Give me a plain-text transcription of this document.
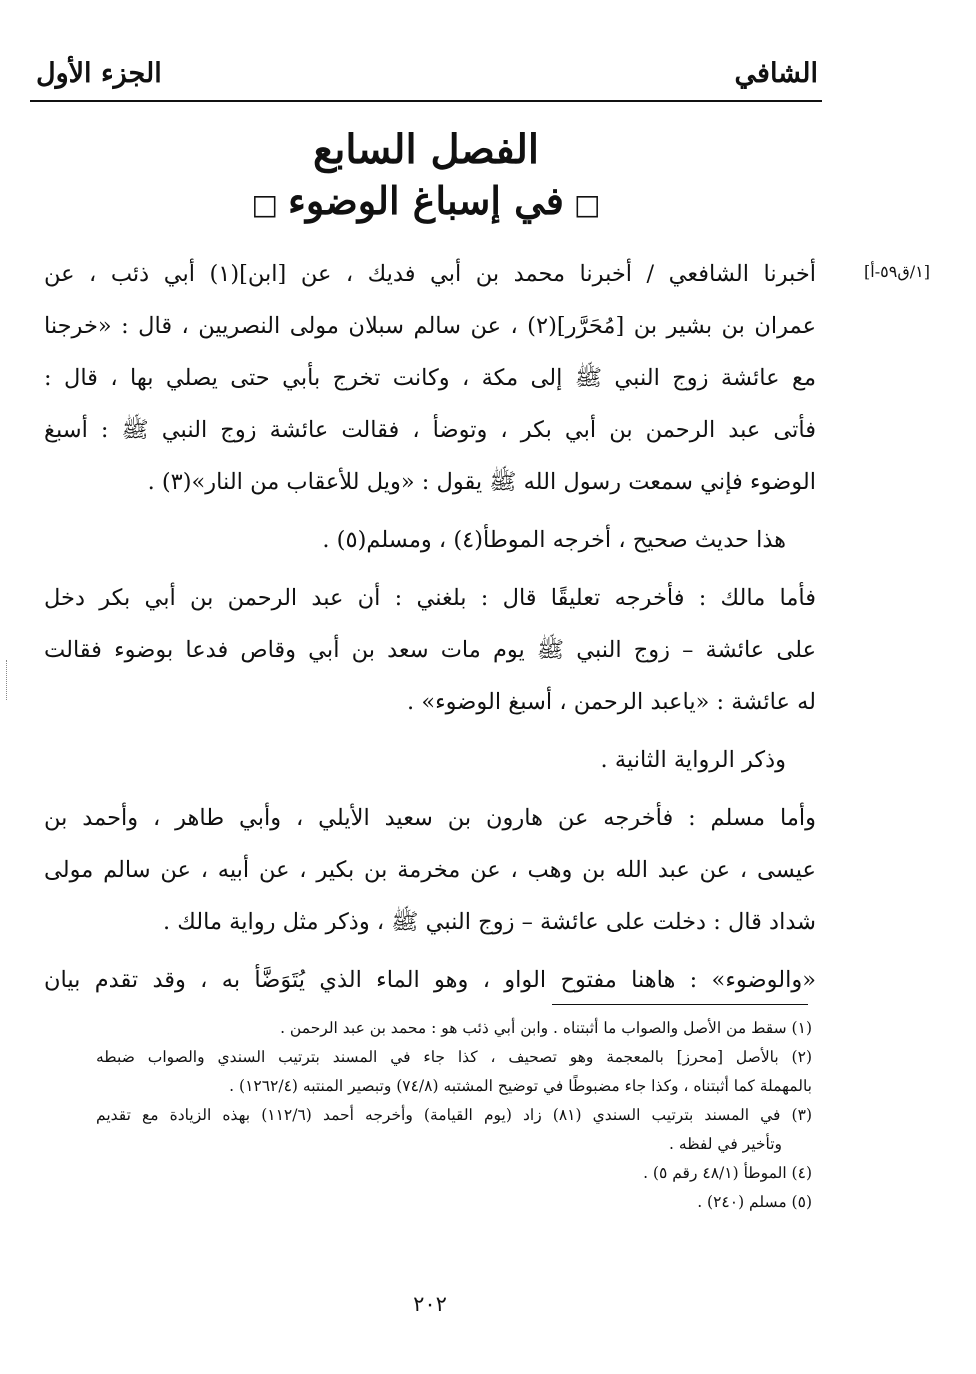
الشافي
الجزء الأول
الفصل السابع
□في إسباغ الوضوء□
[١/ق٥٩-أ]
أخبرنا الشافعي / أخبرنا محمد بن أبي فديك ، عن [ابن](١) أبي ذئب ، عن
عمران بن بشير بن [مُحَرَّر](٢) ، عن سالم سبلان مولى النصريين ، قال : «خرجنا
مع عائشة زوج النبي ﷺ إلى مكة ، وكانت تخرج بأبي حتى يصلي بها ، قال :
فأتى عبد الرحمن بن أبي بكر ، وتوضأ ، فقالت عائشة زوج النبي ﷺ : أسبغ
الوضوء فإني سمعت رسول الله ﷺ يقول : «ويل للأعقاب من النار»(٣) .
هذا حديث صحيح ، أخرجه الموطأ(٤) ، ومسلم(٥) .
فأما مالك : فأخرجه تعليقًا قال : بلغني : أن عبد الرحمن بن أبي بكر دخل
على عائشة – زوج النبي ﷺ يوم مات سعد بن أبي وقاص فدعا بوضوء فقالت
له عائشة : «ياعبد الرحمن ، أسبغ الوضوء» .
وذكر الرواية الثانية .
وأما مسلم : فأخرجه عن هارون بن سعيد الأيلي ، وأبي طاهر ، وأحمد بن
عيسى ، عن عبد الله بن وهب ، عن مخرمة بن بكير ، عن أبيه ، عن سالم مولى
شداد قال : دخلت على عائشة – زوج النبي ﷺ ، وذكر مثل رواية مالك .
«والوضوء» : هاهنا مفتوح الواو ، وهو الماء الذي يُتَوَضَّأ به ، وقد تقدم بيان
(١) سقط من الأصل والصواب ما أثبتناه . وابن أبي ذئب هو : محمد بن عبد الرحمن .
(٢) بالأصل [محرز] بالمعجمة وهو تصحيف ، كذا جاء في المسند بترتيب السندي والصواب ضبطه
بالمهملة كما أثبتناه ، وكذا جاء مضبوطًا في توضيح المشتبه (٧٤/٨) وتبصير المنتبه (١٢٦٢/٤) .
(٣) في المسند بترتيب السندي (٨١) زاد (يوم القيامة) وأخرجه أحمد (١١٢/٦) بهذه الزيادة مع تقديم
وتأخير في لفظه .
(٤) الموطأ (٤٨/١ رقم ٥) .
(٥) مسلم (٢٤٠) .
٢٠٢
